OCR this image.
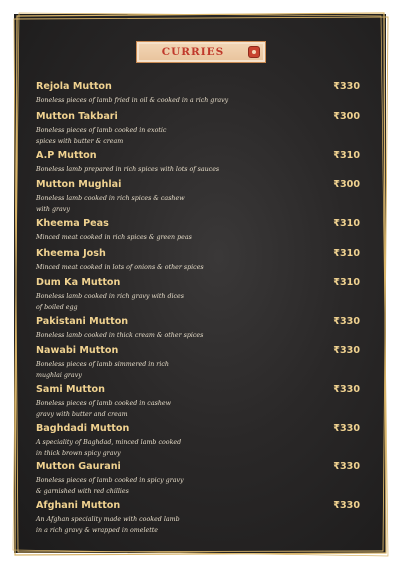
CURRIES
Rejola Mutton	₹330
Boneless pieces of lamb fried in oil & cooked in a rich gravy
Mutton Takbari	₹300
Boneless pieces of lamb cooked in exotic spices with butter & cream
A.P Mutton	₹310
Boneless lamb prepared in rich spices with lots of sauces
Mutton Mughlai	₹300
Boneless lamb cooked in rich spices & cashew with gravy
Kheema Peas	₹310
Minced meat cooked in rich spices & green peas
Kheema Josh	₹310
Minced meat cooked in lots of onions & other spices
Dum Ka Mutton	₹310
Boneless lamb cooked in rich gravy with dices of boiled egg
Pakistani Mutton	₹330
Boneless lamb cooked in thick cream & other spices
Nawabi Mutton	₹330
Boneless pieces of lamb simmered in rich mughlai gravy
Sami Mutton	₹330
Boneless pieces of lamb cooked in cashew gravy with butter and cream
Baghdadi Mutton	₹330
A speciality of Baghdad, minced lamb cooked in thick brown spicy gravy
Mutton Gaurani	₹330
Boneless pieces of lamb cooked in spicy gravy & garnished with red chillies
Afghani Mutton	₹330
An Afghan speciality made with cooked lamb in a rich gravy & wrapped in omelette
